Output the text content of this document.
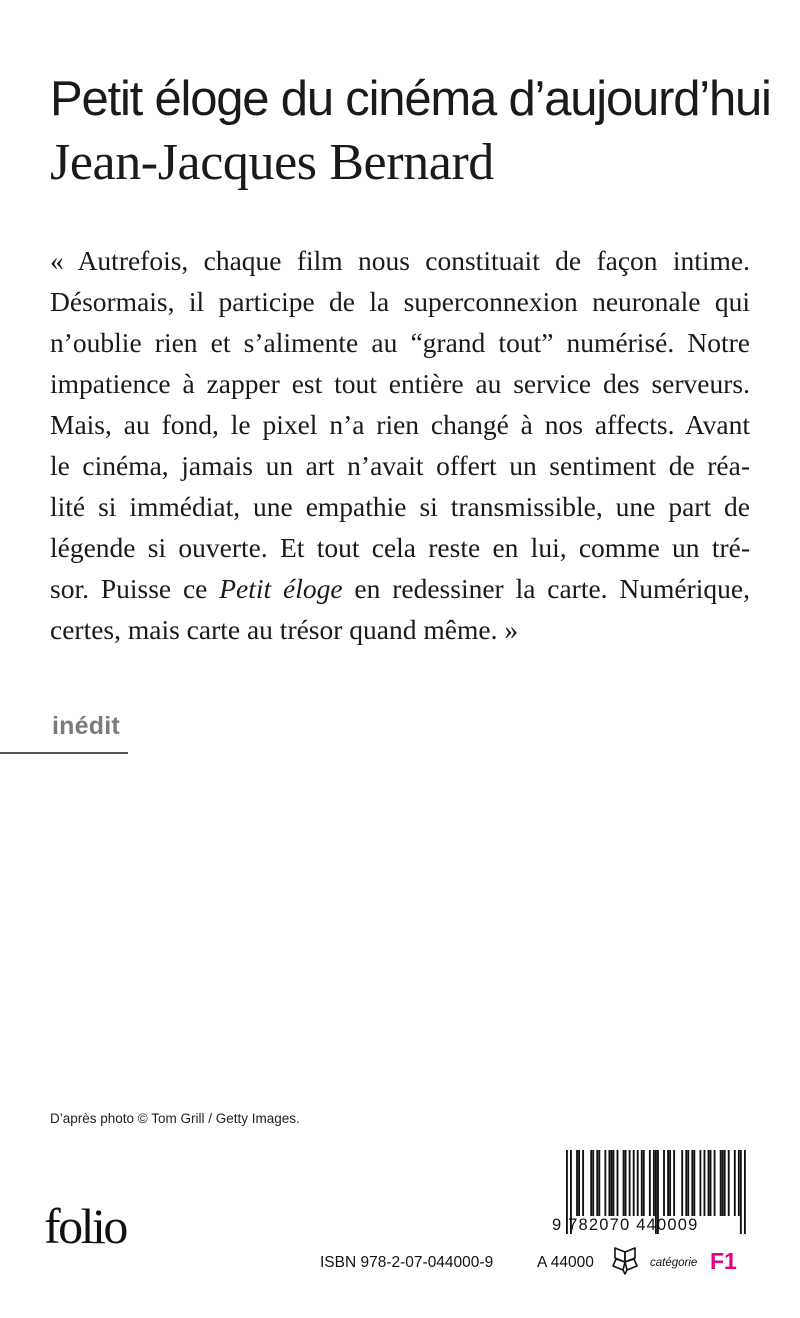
Petit éloge du cinéma d’aujourd’hui
Jean-Jacques Bernard
« Autrefois, chaque film nous constituait de façon intime.
Désormais, il participe de la superconnexion neuronale qui
n’oublie rien et s’alimente au “grand tout” numérisé. Notre
impatience à zapper est tout entière au service des serveurs.
Mais, au fond, le pixel n’a rien changé à nos affects. Avant
le cinéma, jamais un art n’avait offert un sentiment de réa-
lité si immédiat, une empathie si transmissible, une part de
légende si ouverte. Et tout cela reste en lui, comme un tré-
sor. Puisse ce Petit éloge en redessiner la carte. Numérique,
certes, mais carte au trésor quand même. »
inédit
D’après photo © Tom Grill / Getty Images.
folio	9 782070 440009
ISBN 978-2-07-044000-9	A 44000	catégorie F1
